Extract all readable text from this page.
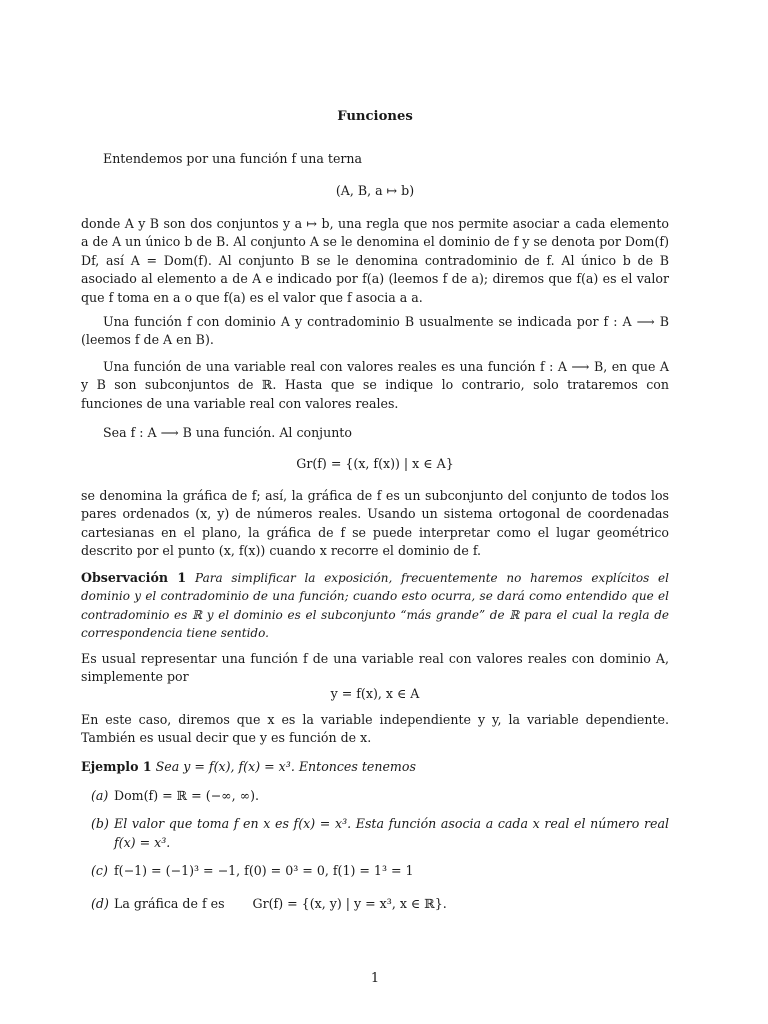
Funciones
Entendemos por una función f una terna
(A, B, a ↦ b)
donde A y B son dos conjuntos y a ↦ b, una regla que nos permite asociar a cada elemento a de A un único b de B. Al conjunto A se le denomina el dominio de f y se denota por Dom(f) Df, así A = Dom(f). Al conjunto B se le denomina contradominio de f. Al único b de B asociado al elemento a de A e indicado por f(a) (leemos f de a); diremos que f(a) es el valor que f toma en a o que f(a) es el valor que f asocia a a.
Una función f con dominio A y contradominio B usualmente se indicada por f : A ⟶ B (leemos f de A en B).
Una función de una variable real con valores reales es una función f : A ⟶ B, en que A y B son subconjuntos de ℝ. Hasta que se indique lo contrario, solo trataremos con funciones de una variable real con valores reales.
Sea f : A ⟶ B una función. Al conjunto
Gr(f) = {(x, f(x)) | x ∈ A}
se denomina la gráfica de f; así, la gráfica de f es un subconjunto del conjunto de todos los pares ordenados (x, y) de números reales. Usando un sistema ortogonal de coordenadas cartesianas en el plano, la gráfica de f se puede interpretar como el lugar geométrico descrito por el punto (x, f(x)) cuando x recorre el dominio de f.
Observación 1 Para simplificar la exposición, frecuentemente no haremos explícitos el dominio y el contradominio de una función; cuando esto ocurra, se dará como entendido que el contradominio es ℝ y el dominio es el subconjunto “más grande” de ℝ para el cual la regla de correspondencia tiene sentido.
Es usual representar una función f de una variable real con valores reales con dominio A, simplemente por
y = f(x), x ∈ A
En este caso, diremos que x es la variable independiente y y, la variable dependiente. También es usual decir que y es función de x.
Ejemplo 1 Sea y = f(x), f(x) = x³. Entonces tenemos
(a) Dom(f) = ℝ = (−∞, ∞).
(b) El valor que toma f en x es f(x) = x³. Esta función asocia a cada x real el número real f(x) = x³.
(c) f(−1) = (−1)³ = −1, f(0) = 0³ = 0, f(1) = 1³ = 1
(d) La gráfica de f es       Gr(f) = {(x, y) | y = x³, x ∈ ℝ}.
1
